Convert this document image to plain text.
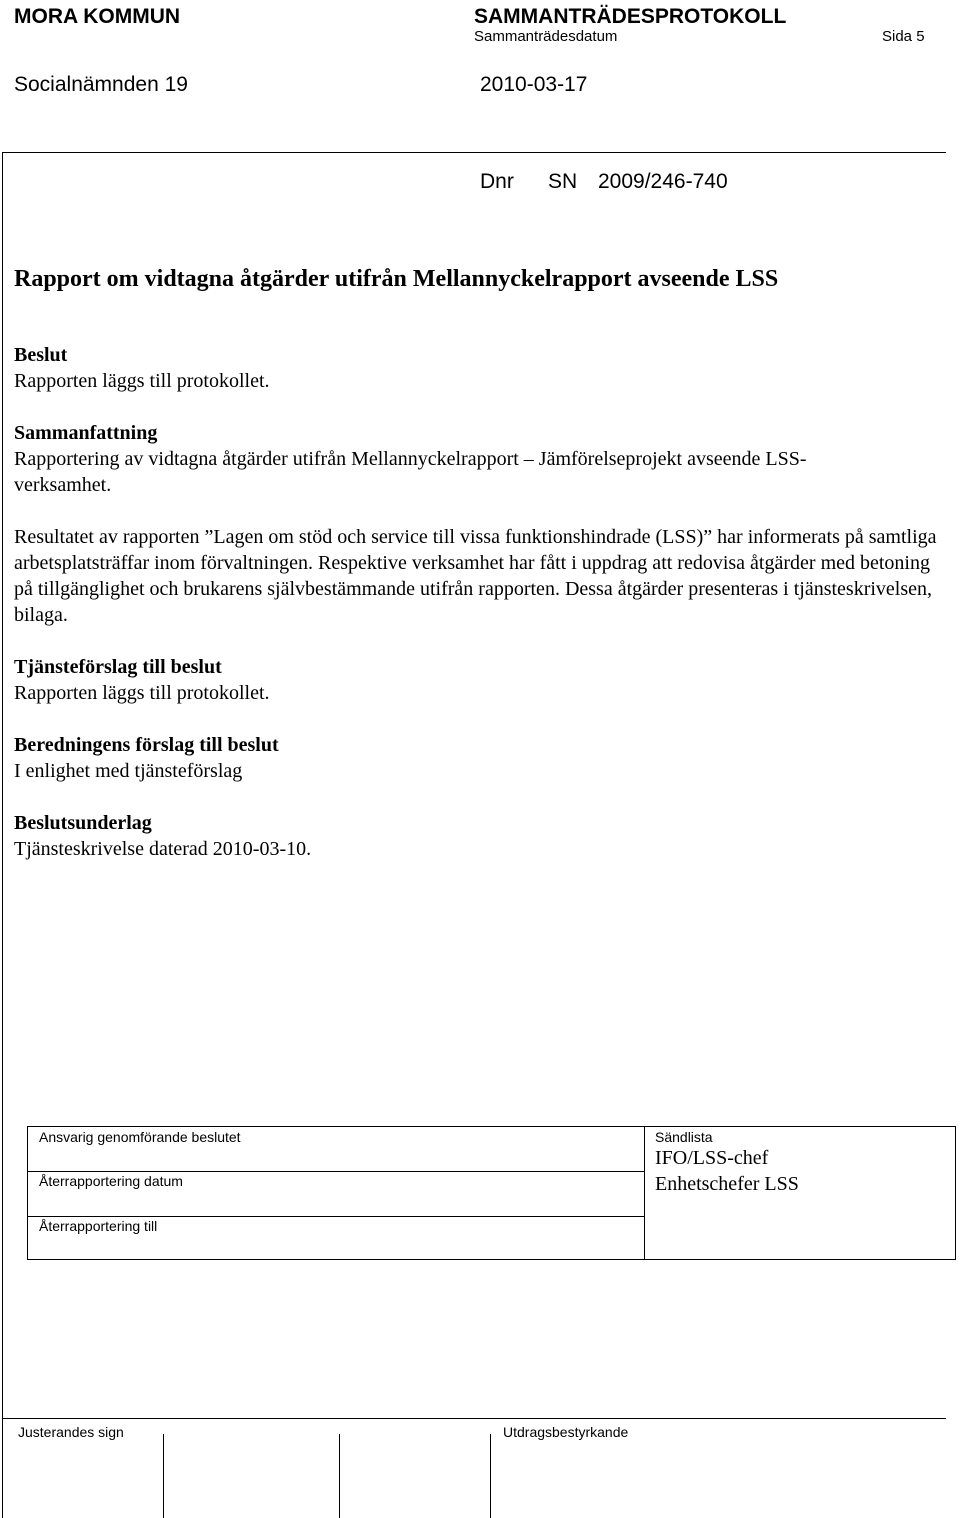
MORA KOMMUN	SAMMANTRÄDESPROTOKOLL
Sammanträdesdatum	Sida 5
Socialnämnden 19	2010-03-17
Dnr SN 2009/246-740
Rapport om vidtagna åtgärder utifrån Mellannyckelrapport avseende LSS

Beslut

Rapporten läggs till protokollet.

Sammanfattning

Rapportering av vidtagna åtgärder utifrån Mellannyckelrapport – Jämförelseprojekt avseende LSS-verksamhet.

Resultatet av rapporten ”Lagen om stöd och service till vissa funktionshindrade (LSS)” har informerats på samtliga arbetsplatsträffar inom förvaltningen. Respektive verksamhet har fått i uppdrag att redovisa åtgärder med betoning på tillgänglighet och brukarens självbestämmande utifrån rapporten. Dessa åtgärder presenteras i tjänsteskrivelsen, bilaga.

Tjänsteförslag till beslut

Rapporten läggs till protokollet.

Beredningens förslag till beslut

I enlighet med tjänsteförslag

Beslutsunderlag

Tjänsteskrivelse daterad 2010-03-10.

Ansvarig genomförande beslutet
Återrapportering datum
Återrapportering till
Sändlista
IFO/LSS-chef
Enhetschefer LSS
Justerandes sign	Utdragsbestyrkande
